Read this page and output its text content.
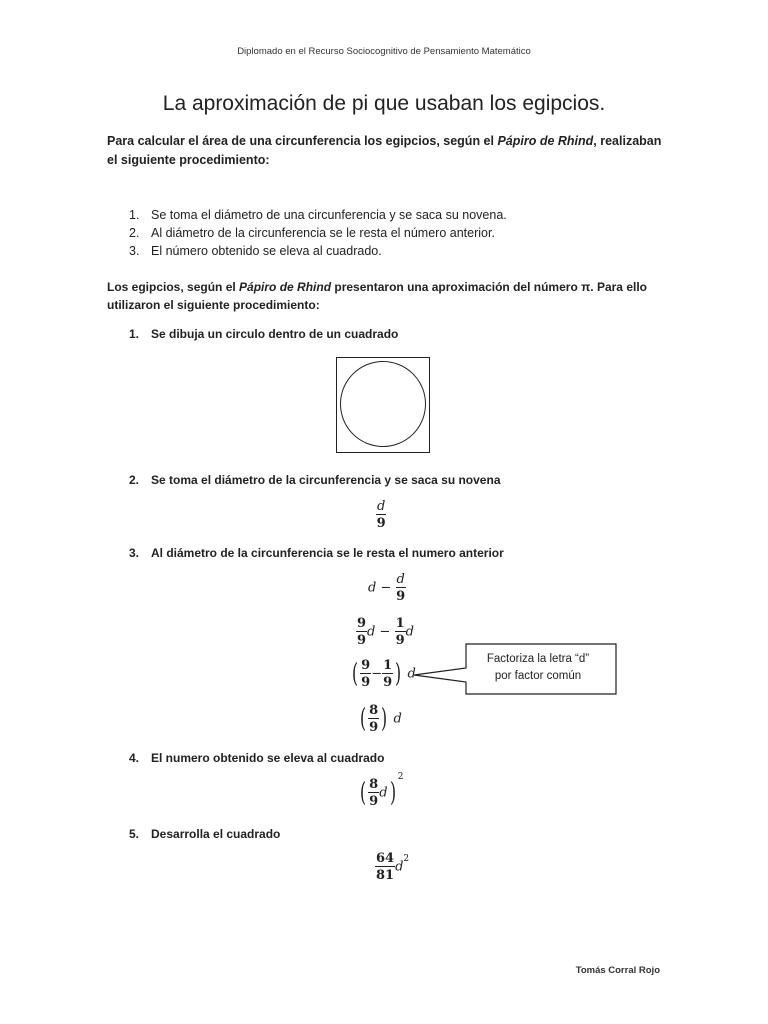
Diplomado en el Recurso Sociocognitivo de Pensamiento Matemático
La aproximación de pi que usaban los egipcios.
Para calcular el área de una circunferencia los egipcios, según el Pápiro de Rhind, realizaban el siguiente procedimiento:
1. Se toma el diámetro de una circunferencia y se saca su novena.
2. Al diámetro de la circunferencia se le resta el número anterior.
3. El número obtenido se eleva al cuadrado.
Los egipcios, según el Pápiro de Rhind presentaron una aproximación del número π. Para ello utilizaron el siguiente procedimiento:
1. Se dibuja un circulo dentro de un cuadrado
2. Se toma el diámetro de la circunferencia y se saca su novena
$\frac{d}{9}$
3. Al diámetro de la circunferencia se le resta el numero anterior
$d - \frac{d}{9}$
$\frac{9}{9}$ $d - \frac{1}{9}$ d
( $\frac{9}{9} - \frac{1}{9}$ ) d
Factoriza la letra “d”
por factor común
( $\frac{8}{9}$ ) d
4. El numero obtenido se eleva al cuadrado
( $\frac{8}{9} d)^2$
5. Desarrolla el cuadrado
$\frac{64}{81} d^2$
Tomás Corral Rojo
